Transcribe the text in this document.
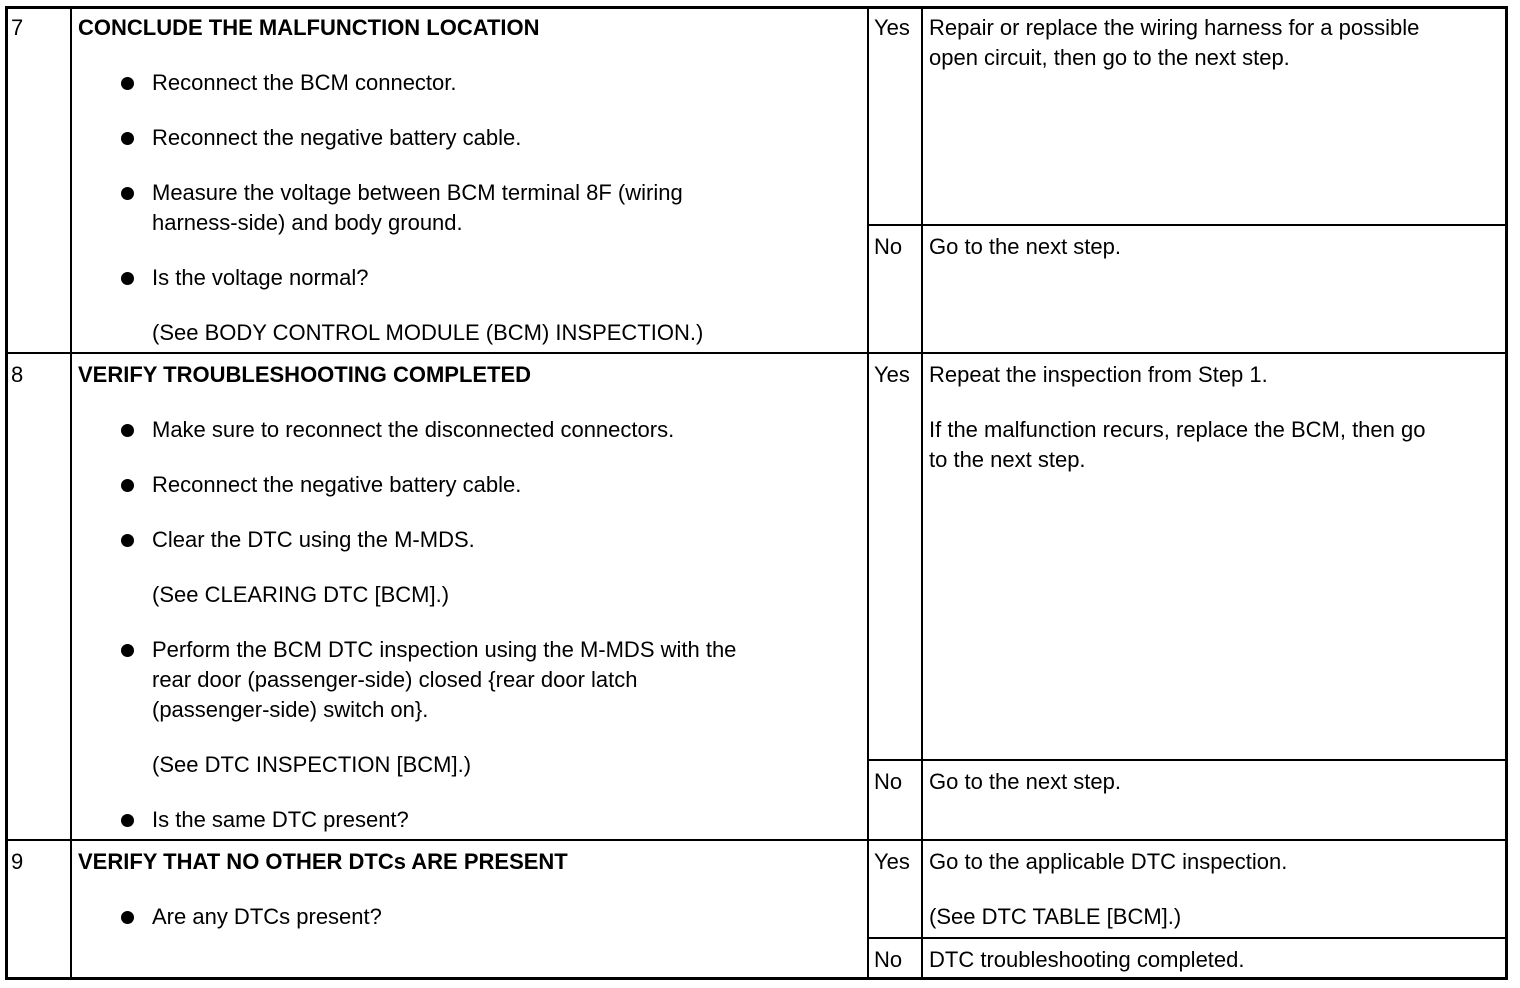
7 CONCLUDE THE MALFUNCTION LOCATION
Reconnect the BCM connector.
Reconnect the negative battery cable.
Measure the voltage between BCM terminal 8F (wiring
harness-side) and body ground.
Is the voltage normal?
(See BODY CONTROL MODULE (BCM) INSPECTION.)
Yes Repair or replace the wiring harness for a possible
open circuit, then go to the next step.
No Go to the next step.
8 VERIFY TROUBLESHOOTING COMPLETED
Make sure to reconnect the disconnected connectors.
Reconnect the negative battery cable.
Clear the DTC using the M-MDS.
(See CLEARING DTC [BCM].)
Perform the BCM DTC inspection using the M-MDS with the
rear door (passenger-side) closed {rear door latch
(passenger-side) switch on}.
(See DTC INSPECTION [BCM].)
Is the same DTC present?
Yes Repeat the inspection from Step 1.
If the malfunction recurs, replace the BCM, then go
to the next step.
No Go to the next step.
9 VERIFY THAT NO OTHER DTCs ARE PRESENT
Are any DTCs present?
Yes Go to the applicable DTC inspection.
(See DTC TABLE [BCM].)
No DTC troubleshooting completed.
